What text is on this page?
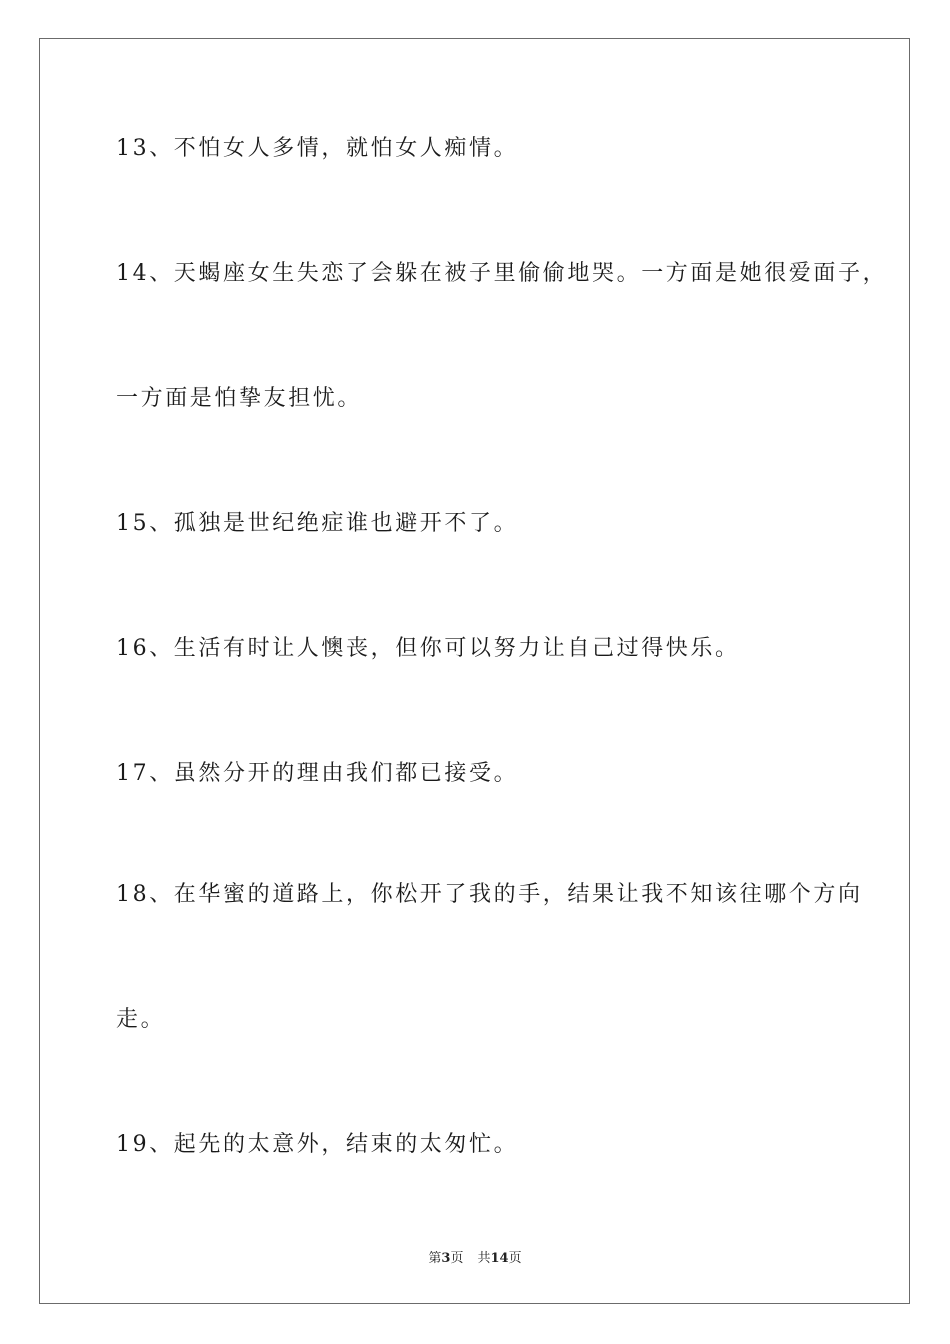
13、不怕女人多情，就怕女人痴情。
14、天蝎座女生失恋了会躲在被子里偷偷地哭。一方面是她很爱面子，
一方面是怕挚友担忧。
15、孤独是世纪绝症谁也避开不了。
16、生活有时让人懊丧，但你可以努力让自己过得快乐。
17、虽然分开的理由我们都已接受。
18、在华蜜的道路上，你松开了我的手，结果让我不知该往哪个方向
走。
19、起先的太意外，结束的太匆忙。
第3页 共14页
